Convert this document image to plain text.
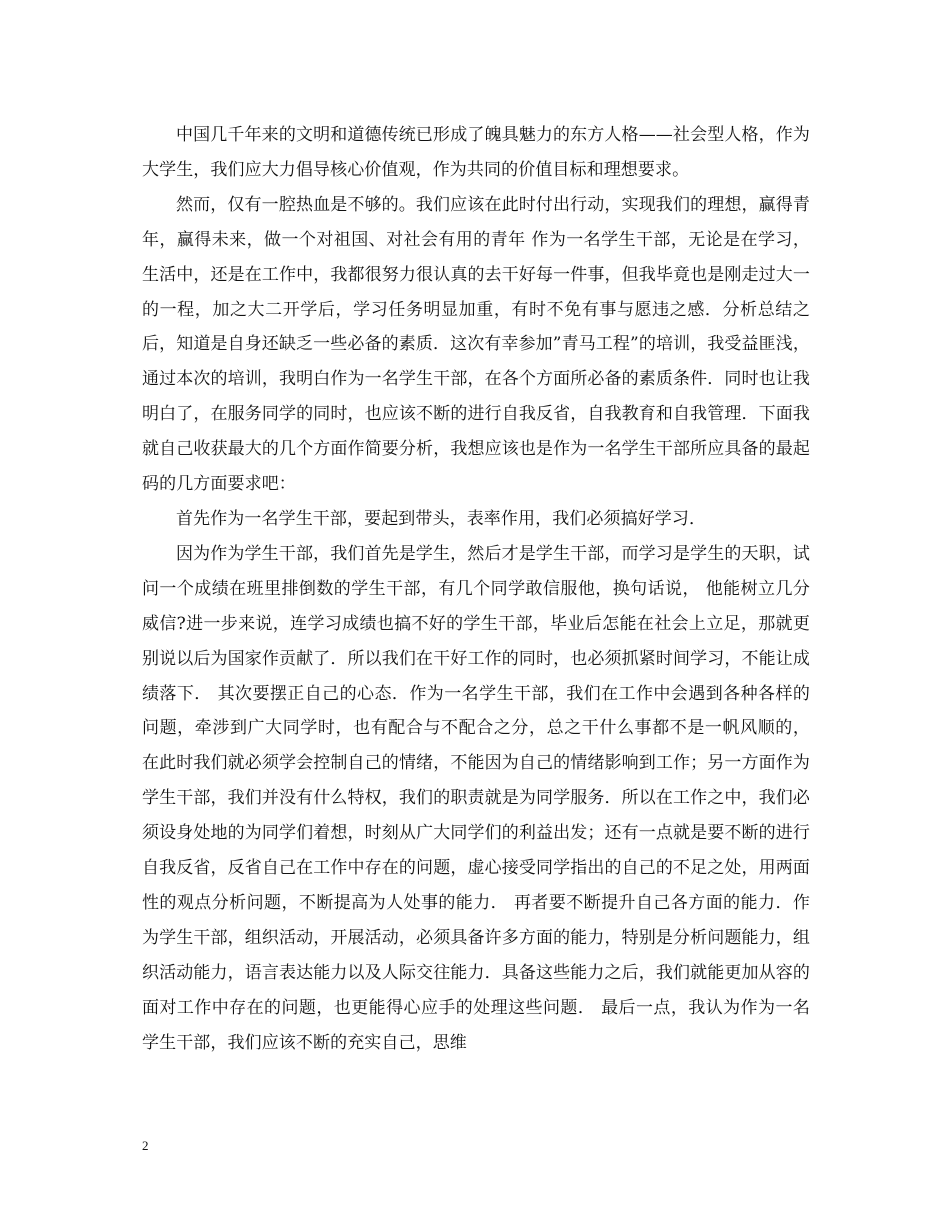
中国几千年来的文明和道德传统已形成了魄具魅力的东方人格——社会型人格，作为大学生，我们应大力倡导核心价值观，作为共同的价值目标和理想要求。

然而，仅有一腔热血是不够的。我们应该在此时付出行动，实现我们的理想，赢得青年，赢得未来，做一个对祖国、对社会有用的青年 作为一名学生干部，无论是在学习，生活中，还是在工作中，我都很努力很认真的去干好每一件事，但我毕竟也是刚走过大一的一程，加之大二开学后，学习任务明显加重，有时不免有事与愿违之感．分析总结之后，知道是自身还缺乏一些必备的素质．这次有幸参加”青马工程”的培训，我受益匪浅，通过本次的培训，我明白作为一名学生干部，在各个方面所必备的素质条件．同时也让我明白了，在服务同学的同时，也应该不断的进行自我反省，自我教育和自我管理．下面我就自己收获最大的几个方面作简要分析，我想应该也是作为一名学生干部所应具备的最起码的几方面要求吧：

首先作为一名学生干部，要起到带头，表率作用，我们必须搞好学习．

因为作为学生干部，我们首先是学生，然后才是学生干部，而学习是学生的天职，试问一个成绩在班里排倒数的学生干部，有几个同学敢信服他，换句话说， 他能树立几分威信?进一步来说，连学习成绩也搞不好的学生干部，毕业后怎能在社会上立足，那就更别说以后为国家作贡献了．所以我们在干好工作的同时，也必须抓紧时间学习，不能让成绩落下． 其次要摆正自己的心态．作为一名学生干部，我们在工作中会遇到各种各样的问题，牵涉到广大同学时，也有配合与不配合之分，总之干什么事都不是一帆风顺的， 在此时我们就必须学会控制自己的情绪，不能因为自己的情绪影响到工作；另一方面作为学生干部，我们并没有什么特权，我们的职责就是为同学服务．所以在工作之中，我们必须设身处地的为同学们着想，时刻从广大同学们的利益出发；还有一点就是要不断的进行自我反省，反省自己在工作中存在的问题，虚心接受同学指出的自己的不足之处，用两面性的观点分析问题，不断提高为人处事的能力． 再者要不断提升自己各方面的能力．作为学生干部，组织活动，开展活动，必须具备许多方面的能力，特别是分析问题能力，组织活动能力，语言表达能力以及人际交往能力．具备这些能力之后，我们就能更加从容的面对工作中存在的问题，也更能得心应手的处理这些问题． 最后一点，我认为作为一名学生干部，我们应该不断的充实自己，思维

2
